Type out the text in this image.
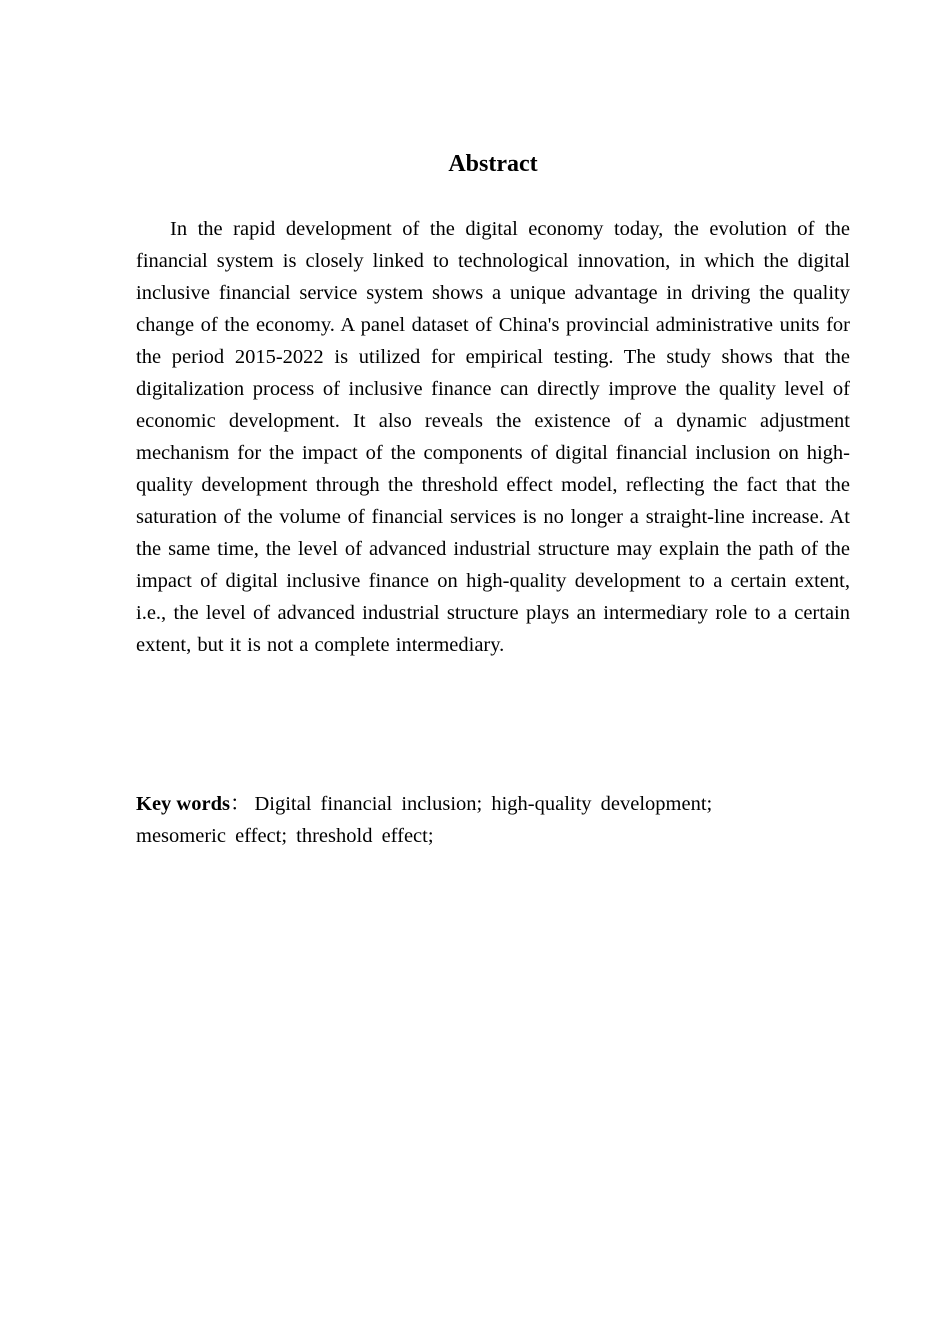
Abstract

In the rapid development of the digital economy today, the evolution of the financial system is closely linked to technological innovation, in which the digital inclusive financial service system shows a unique advantage in driving the quality change of the economy. A panel dataset of China's provincial administrative units for the period 2015-2022 is utilized for empirical testing. The study shows that the digitalization process of inclusive finance can directly improve the quality level of economic development. It also reveals the existence of a dynamic adjustment mechanism for the impact of the components of digital financial inclusion on high-quality development through the threshold effect model, reflecting the fact that the saturation of the volume of financial services is no longer a straight-line increase. At the same time, the level of advanced industrial structure may explain the path of the impact of digital inclusive finance on high-quality development to a certain extent, i.e., the level of advanced industrial structure plays an intermediary role to a certain extent, but it is not a complete intermediary.

Key words： Digital financial inclusion; high-quality development; mesomeric effect; threshold effect;
